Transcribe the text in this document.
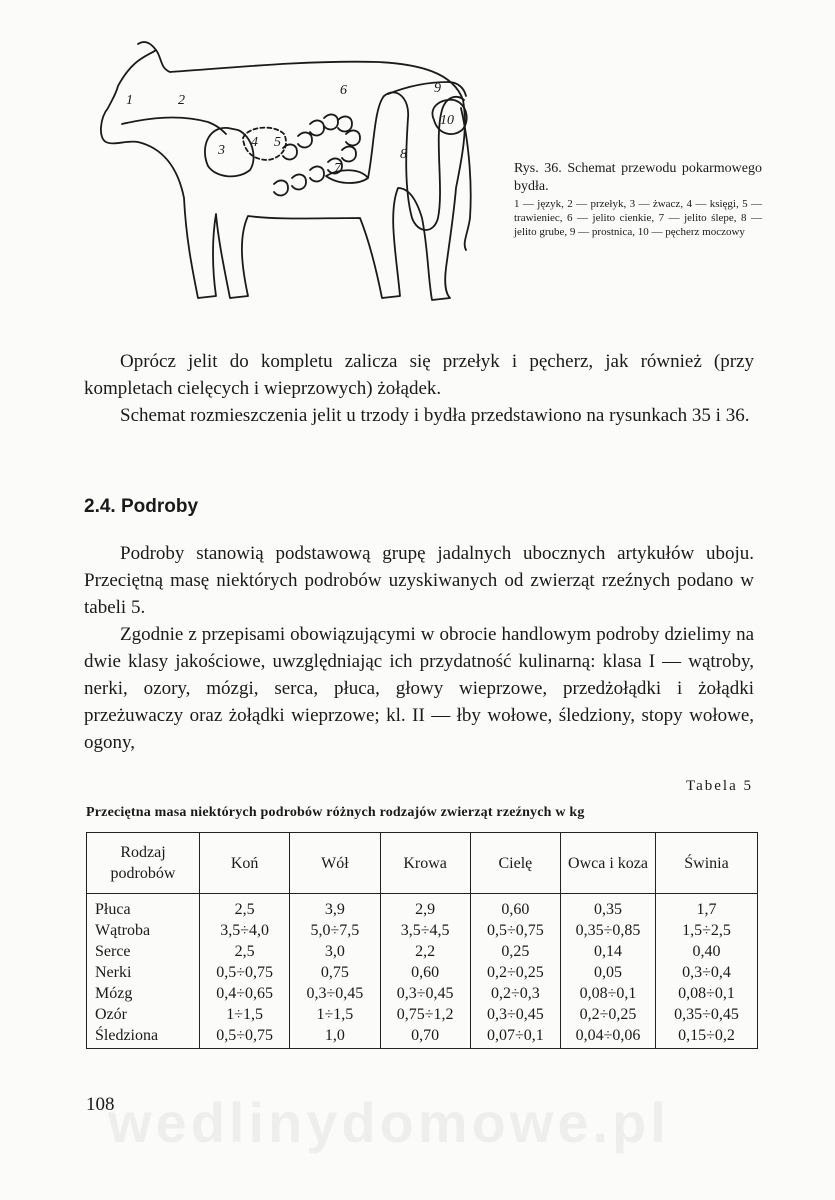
1	2
3
4 5
6
7
8
9
10
Rys. 36. Schemat przewodu pokarmowego bydła.
1 — język, 2 — przełyk, 3 — żwacz, 4 — księgi, 5 — trawieniec, 6 — jelito cienkie, 7 — jelito ślepe, 8 — jelito grube, 9 — prostnica, 10 — pęcherz moczowy

Oprócz jelit do kompletu zalicza się przełyk i pęcherz, jak również (przy kompletach cielęcych i wieprzowych) żołądek.

Schemat rozmieszczenia jelit u trzody i bydła przedstawiono na rysunkach 35 i 36.

2.4. Podroby

Podroby stanowią podstawową grupę jadalnych ubocznych artykułów uboju. Przeciętną masę niektórych podrobów uzyskiwanych od zwierząt rzeźnych podano w tabeli 5.

Zgodnie z przepisami obowiązującymi w obrocie handlowym podroby dzielimy na dwie klasy jakościowe, uwzględniając ich przydatność kulinarną: klasa I — wątroby, nerki, ozory, mózgi, serca, płuca, głowy wieprzowe, przedżołądki i żołądki przeżuwaczy oraz żołądki wieprzowe; kl. II — łby wołowe, śledziony, stopy wołowe, ogony,

Tabela 5
Przeciętna masa niektórych podrobów różnych rodzajów zwierząt rzeźnych w kg
Rodzaj podrobów	Koń	Wół	Krowa	Cielę	Owca i koza	Świnia
Płuca	2,5	3,9	2,9	0,60	0,35	1,7
Wątroba	3,5÷4,0	5,0÷7,5	3,5÷4,5	0,5÷0,75	0,35÷0,85	1,5÷2,5
Serce	2,5	3,0	2,2	0,25	0,14	0,40
Nerki	0,5÷0,75	0,75	0,60	0,2÷0,25	0,05	0,3÷0,4
Mózg	0,4÷0,65	0,3÷0,45	0,3÷0,45	0,2÷0,3	0,08÷0,1	0,08÷0,1
Ozór	1÷1,5	1÷1,5	0,75÷1,2	0,3÷0,45	0,2÷0,25	0,35÷0,45
Śledziona	0,5÷0,75	1,0	0,70	0,07÷0,1	0,04÷0,06	0,15÷0,2
wedlinydomowe.pl
108
